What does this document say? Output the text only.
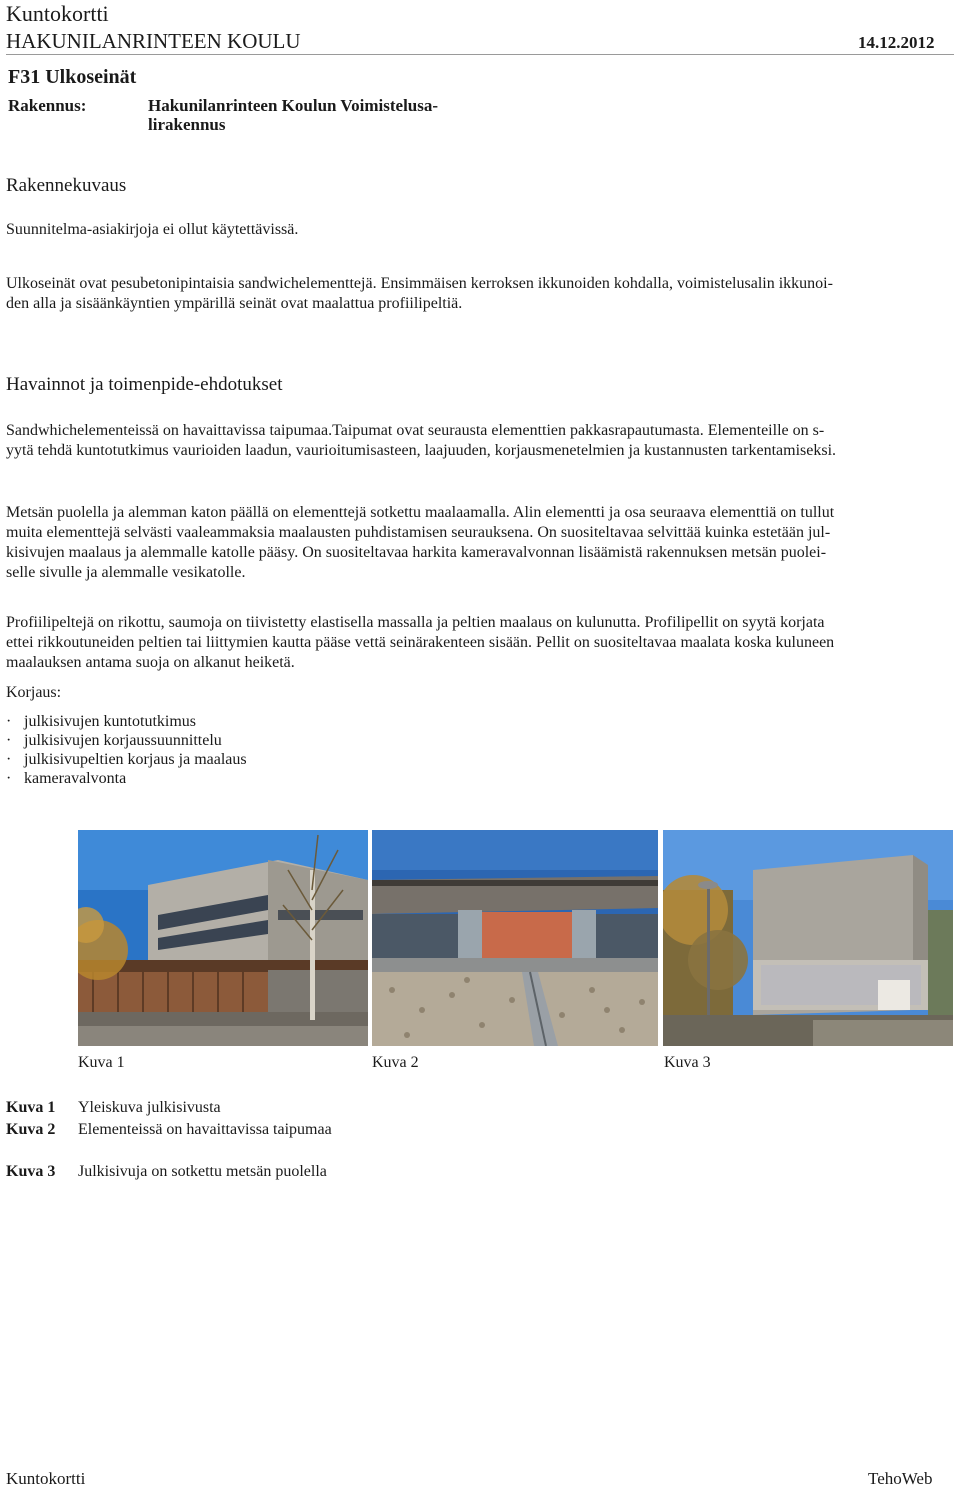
Kuntokortti
HAKUNILANRINTEEN KOULU	14.12.2012
F31 Ulkoseinät
Rakennus:	Hakunilanrinteen Koulun Voimistelusa-
lirakennus
Rakennekuvaus
Suunnitelma-asiakirjoja ei ollut käytettävissä.
Ulkoseinät ovat pesubetonipintaisia sandwichelementtejä. Ensimmäisen kerroksen ikkunoiden kohdalla, voimistelusalin ikkunoi-
den alla ja sisäänkäyntien ympärillä seinät ovat maalattua profiilipeltiä.
Havainnot ja toimenpide-ehdotukset
Sandwhichelementeissä on havaittavissa taipumaa.Taipumat ovat seurausta elementtien pakkasrapautumasta. Elementeille on s-
yytä tehdä kuntotutkimus vaurioiden laadun, vaurioitumisasteen, laajuuden, korjausmenetelmien ja kustannusten tarkentamiseksi.
Metsän puolella ja alemman katon päällä on elementtejä sotkettu maalaamalla. Alin elementti ja osa seuraava elementtiä on tullut
muita elementtejä selvästi vaaleammaksia maalausten puhdistamisen seurauksena. On suositeltavaa selvittää kuinka estetään jul-
kisivujen maalaus ja alemmalle katolle pääsy. On suositeltavaa harkita kameravalvonnan lisäämistä rakennuksen metsän puolei-
selle sivulle ja alemmalle vesikatolle.
Profiilipeltejä on rikottu, saumoja on tiivistetty elastisella massalla ja peltien maalaus on kulunutta. Profilipellit on syytä korjata
ettei rikkoutuneiden peltien tai liittymien kautta pääse vettä seinärakenteen sisään. Pellit on suositeltavaa maalata koska kuluneen
maalauksen antama suoja on alkanut heiketä.
Korjaus:
· julkisivujen kuntotutkimus
· julkisivujen korjaussuunnittelu
· julkisivupeltien korjaus ja maalaus
· kameravalvonta
Kuva 1	Kuva 2	Kuva 3
Kuva 1	Yleiskuva julkisivusta
Kuva 2	Elementeissä on havaittavissa taipumaa
Kuva 3	Julkisivuja on sotkettu metsän puolella
Kuntokortti	TehoWeb
